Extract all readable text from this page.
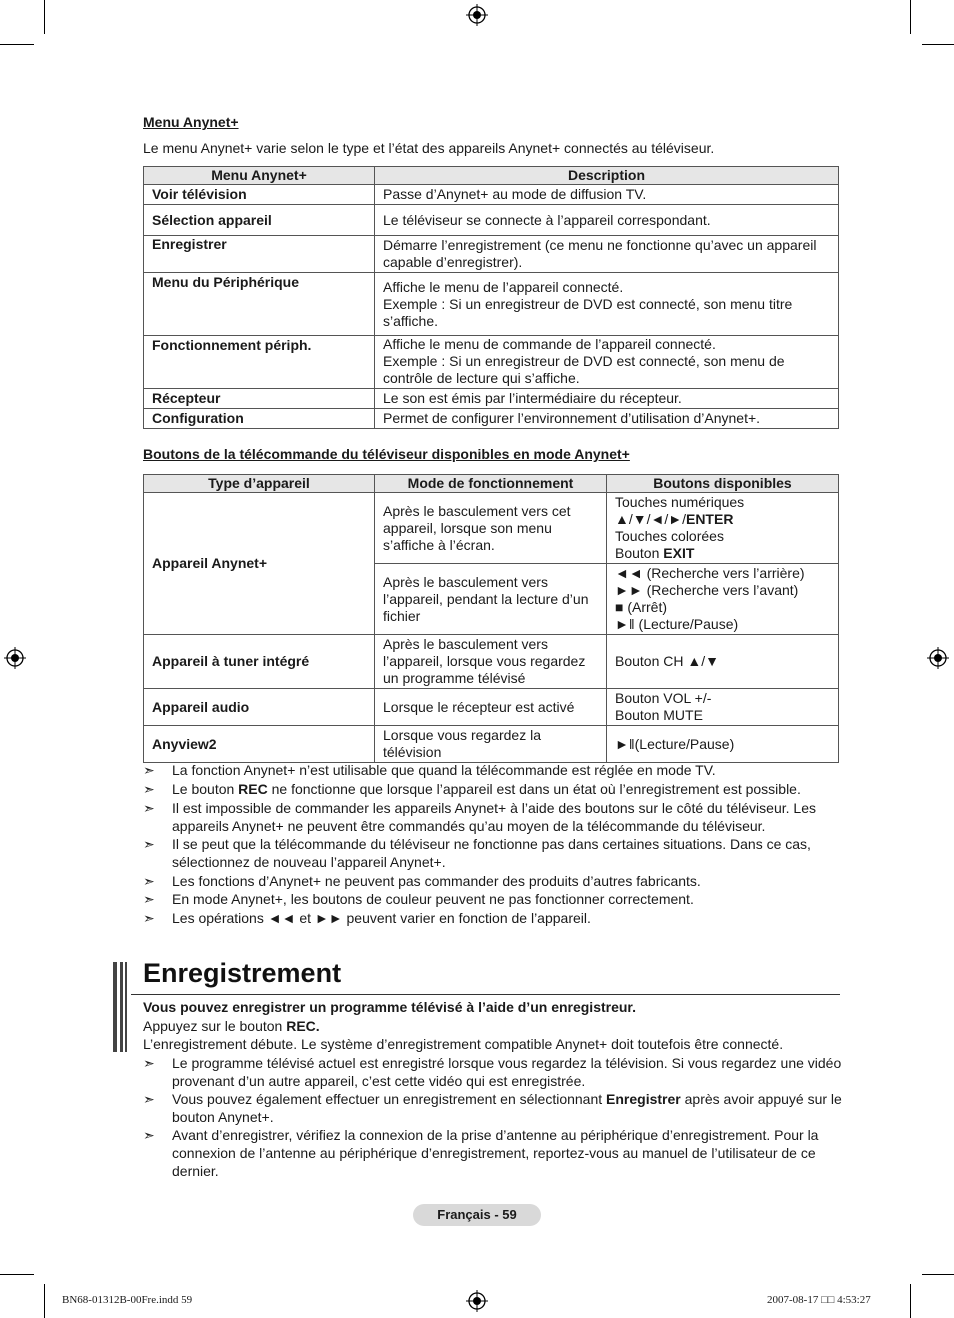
Menu Anynet+
Le menu Anynet+ varie selon le type et l’état des appareils Anynet+ connectés au téléviseur.
Menu Anynet+	Description
Voir télévision	Passe d’Anynet+ au mode de diffusion TV.
Sélection appareil	Le téléviseur se connecte à l’appareil correspondant.
Enregistrer	Démarre l’enregistrement (ce menu ne fonctionne qu’avec un appareil capable d’enregistrer).
Menu du Périphérique	Affiche le menu de l’appareil connecté.
Exemple : Si un enregistreur de DVD est connecté, son menu titre s’affiche.
Fonctionnement périph.	Affiche le menu de commande de l’appareil connecté.
Exemple : Si un enregistreur de DVD est connecté, son menu de contrôle de lecture qui s’affiche.
Récepteur	Le son est émis par l’intermédiaire du récepteur.
Configuration	Permet de configurer l’environnement d’utilisation d’Anynet+.
Boutons de la télécommande du téléviseur disponibles en mode Anynet+
Type d’appareil	Mode de fonctionnement	Boutons disponibles
Appareil Anynet+	Après le basculement vers cet appareil, lorsque son menu s’affiche à l’écran.	Touches numériques
▲/▼/◄/►/ENTER
Touches colorées
Bouton EXIT

	Après le basculement vers l’appareil, pendant la lecture d’un fichier	◄◄ (Recherche vers l’arrière)
►► (Recherche vers l’avant)
■ (Arrêt)
►‖ (Lecture/Pause)

Appareil à tuner intégré	Après le basculement vers l’appareil, lorsque vous regardez un programme télévisé	Bouton CH ▲/▼
Appareil audio	Lorsque le récepteur est activé	Bouton VOL +/-
Bouton MUTE

Anyview2	Lorsque vous regardez la télévision	►‖(Lecture/Pause)
➣	La fonction Anynet+ n’est utilisable que quand la télécommande est réglée en mode TV.
➣	Le bouton REC ne fonctionne que lorsque l’appareil est dans un état où l’enregistrement est possible.
➣	Il est impossible de commander les appareils Anynet+ à l’aide des boutons sur le côté du téléviseur. Les appareils Anynet+ ne peuvent être commandés qu’au moyen de la télécommande du téléviseur.
➣	Il se peut que la télécommande du téléviseur ne fonctionne pas dans certaines situations. Dans ce cas, sélectionnez de nouveau l’appareil Anynet+.
➣	Les fonctions d’Anynet+ ne peuvent pas commander des produits d’autres fabricants.
➣	En mode Anynet+, les boutons de couleur peuvent ne pas fonctionner correctement.
➣	Les opérations ◄◄ et ►► peuvent varier en fonction de l’appareil.
Enregistrement
Vous pouvez enregistrer un programme télévisé à l’aide d’un enregistreur.
Appuyez sur le bouton REC.
L’enregistrement débute. Le système d’enregistrement compatible Anynet+ doit toutefois être connecté.
➣	Le programme télévisé actuel est enregistré lorsque vous regardez la télévision. Si vous regardez une vidéo provenant d’un autre appareil, c’est cette vidéo qui est enregistrée.
➣	Vous pouvez également effectuer un enregistrement en sélectionnant Enregistrer après avoir appuyé sur le bouton Anynet+.
➣	Avant d’enregistrer, vérifiez la connexion de la prise d’antenne au périphérique d’enregistrement. Pour la connexion de l’antenne au périphérique d’enregistrement, reportez-vous au manuel de l’utilisateur de ce dernier.
Français - 59
BN68-01312B-00Fre.indd 59	2007-08-17 □□ 4:53:27
